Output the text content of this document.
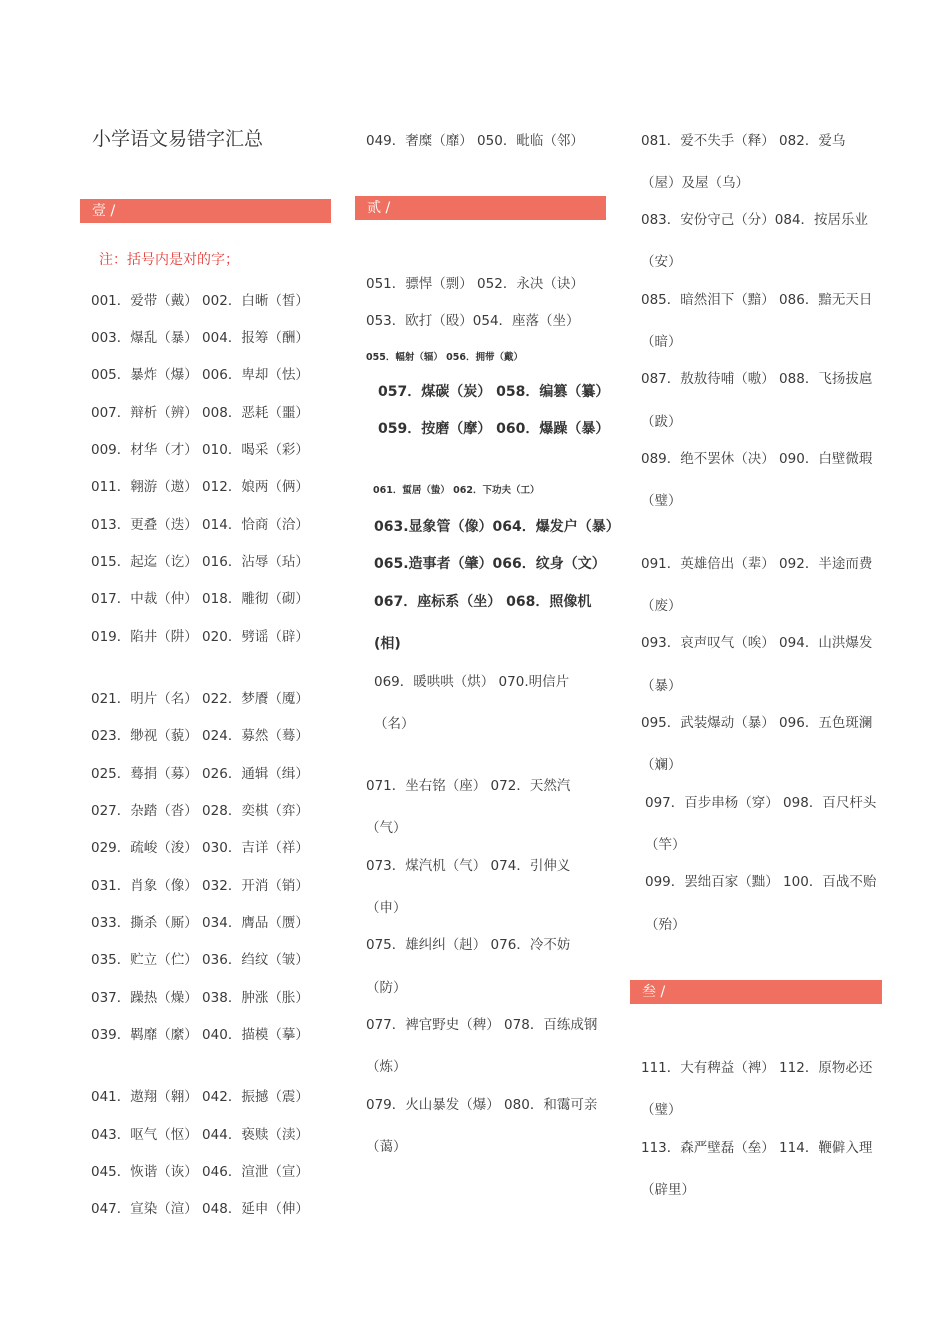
小学语文易错字汇总
壹 /	贰 /
叁 /
注：括号内是对的字；
001．爱带（戴） 002．白晰（皙）
003．爆乱（暴） 004．报筹（酬）
005．暴炸（爆） 006．卑却（怯）
007．辩析（辨） 008．恶耗（噩）
009．材华（才） 010．喝采（彩）
011．翱游（遨） 012．娘两（俩）
013．更叠（迭） 014．恰商（洽）
015．起迄（讫） 016．沾辱（玷）
017．中裁（仲） 018．雕彻（砌）
019．陷井（阱） 020．劈谣（辟）
021．明片（名） 022．梦餍（魇）
023．缈视（藐） 024．募然（蓦）
025．蓦捐（募） 026．通辑（缉）
027．杂踏（沓） 028．奕棋（弈）
029．疏峻（浚） 030．吉详（祥）
031．肖象（像） 032．开消（销）
033．撕杀（厮） 034．膺品（赝）
035．贮立（伫） 036．绉纹（皱）
037．躁热（燥） 038．肿涨（胀）
039．羁靡（縻） 040．描模（摹）
041．遨翔（翱） 042．振撼（震）
043．呕气（怄） 044．亵赎（渎）
045．恢谐（诙） 046．渲泄（宣）
047．宣染（渲） 048．延申（伸）
049．奢糜（靡） 050．毗临（邻）
051．骠悍（剽） 052．永决（诀）
053．欧打（殴）054．座落（坐）
055．幅射（辐） 056．拥带（戴）
057．煤碳（炭） 058．编篡（纂）
059．按磨（摩） 060．爆躁（暴）
061．蜇居（蛰） 062．下功夫（工）
063.显象管（像）064．爆发户（暴）
065.造事者（肇）066．纹身（文）
067．座标系（坐） 068．照像机
(相)
069．暖哄哄（烘） 070.明信片
（名）
071．坐右铭（座） 072．天然汽
（气）
073．煤汽机（气） 074．引伸义
（申）
075．雄纠纠（赳） 076．冷不妨
（防）
077．裨官野史（稗） 078．百练成钢
（炼）
079．火山暴发（爆） 080．和霭可亲
（蔼）
081．爱不失手（释） 082．爱乌
（屋）及屋（乌）
083．安份守己（分）084．按居乐业
（安）
085．暗然泪下（黯） 086．黯无天日
（暗）
087．敖敖待哺（嗷） 088．飞扬拔扈
（跋）
089．绝不罢休（决） 090．白壁微瑕
（璧）
091．英雄倍出（辈） 092．半途而费
（废）
093．哀声叹气（唉） 094．山洪爆发
（暴）
095．武装爆动（暴） 096．五色斑澜
（斓）
097．百步串杨（穿） 098．百尺杆头
（竿）
099．罢绌百家（黜） 100．百战不贻
（殆）
111．大有稗益（裨） 112．原物必还
（璧）
113．森严壁磊（垒） 114．鞭僻入理
（辟里）
